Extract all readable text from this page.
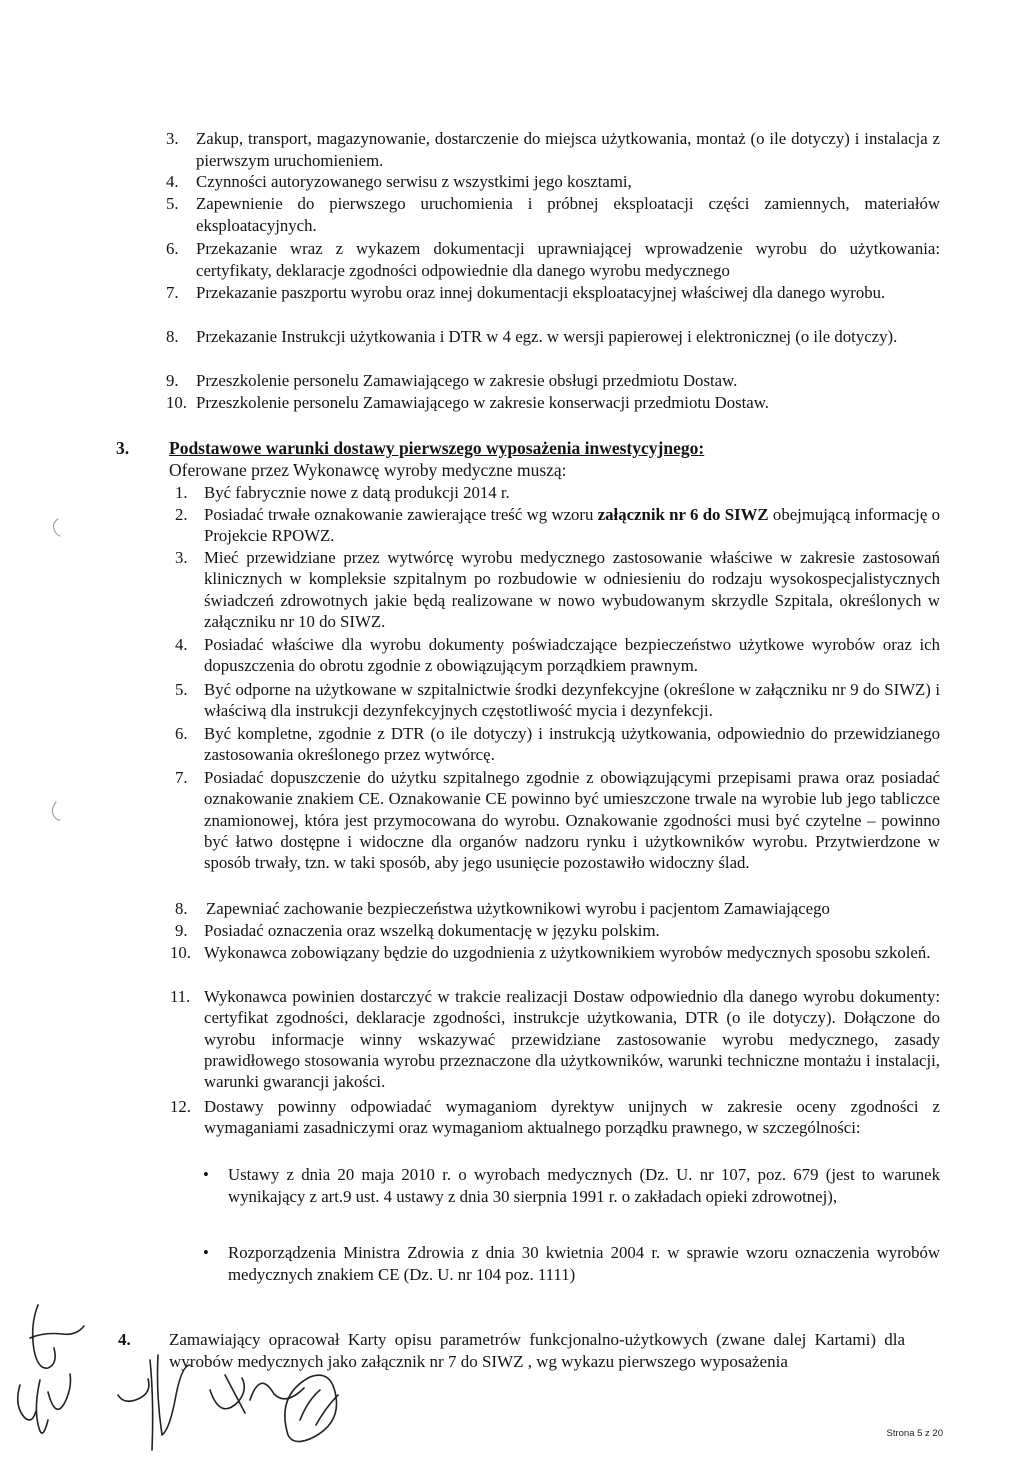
3. Zakup, transport, magazynowanie, dostarczenie do miejsca użytkowania, montaż (o ile dotyczy) i instalacja z pierwszym uruchomieniem.
4. Czynności autoryzowanego serwisu z wszystkimi jego kosztami,
5. Zapewnienie do pierwszego uruchomienia i próbnej eksploatacji części zamiennych, materiałów eksploatacyjnych.
6. Przekazanie wraz z wykazem dokumentacji uprawniającej wprowadzenie wyrobu do użytkowania: certyfikaty, deklaracje zgodności odpowiednie dla danego wyrobu medycznego
7. Przekazanie paszportu wyrobu oraz innej dokumentacji eksploatacyjnej właściwej dla danego wyrobu.
8. Przekazanie Instrukcji użytkowania i DTR w 4 egz. w wersji papierowej i elektronicznej (o ile dotyczy).
9. Przeszkolenie personelu Zamawiającego w zakresie obsługi przedmiotu Dostaw.
10. Przeszkolenie personelu Zamawiającego w zakresie konserwacji przedmiotu Dostaw.
3. Podstawowe warunki dostawy pierwszego wyposażenia inwestycyjnego:
Oferowane przez Wykonawcę wyroby medyczne muszą:
1. Być fabrycznie nowe z datą produkcji 2014 r.
2. Posiadać trwałe oznakowanie zawierające treść wg wzoru załącznik nr 6 do SIWZ obejmującą informację o Projekcie RPOWZ.
3. Mieć przewidziane przez wytwórcę wyrobu medycznego zastosowanie właściwe w zakresie zastosowań klinicznych w kompleksie szpitalnym po rozbudowie w odniesieniu do rodzaju wysokospecjalistycznych świadczeń zdrowotnych jakie będą realizowane w nowo wybudowanym skrzydle Szpitala, określonych w załączniku nr 10 do SIWZ.
4. Posiadać właściwe dla wyrobu dokumenty poświadczające bezpieczeństwo użytkowe wyrobów oraz ich dopuszczenia do obrotu zgodnie z obowiązującym porządkiem prawnym.
5. Być odporne na użytkowane w szpitalnictwie środki dezynfekcyjne (określone w załączniku nr 9 do SIWZ) i właściwą dla instrukcji dezynfekcyjnych częstotliwość mycia i dezynfekcji.
6. Być kompletne, zgodnie z DTR (o ile dotyczy) i instrukcją użytkowania, odpowiednio do przewidzianego zastosowania określonego przez wytwórcę.
7. Posiadać dopuszczenie do użytku szpitalnego zgodnie z obowiązującymi przepisami prawa oraz posiadać oznakowanie znakiem CE. Oznakowanie CE powinno być umieszczone trwale na wyrobie lub jego tabliczce znamionowej, która jest przymocowana do wyrobu. Oznakowanie zgodności musi być czytelne – powinno być łatwo dostępne i widoczne dla organów nadzoru rynku i użytkowników wyrobu. Przytwierdzone w sposób trwały, tzn. w taki sposób, aby jego usunięcie pozostawiło widoczny ślad.
8. Zapewniać zachowanie bezpieczeństwa użytkownikowi wyrobu i pacjentom Zamawiającego
9. Posiadać oznaczenia oraz wszelką dokumentację w języku polskim.
10. Wykonawca zobowiązany będzie do uzgodnienia z użytkownikiem wyrobów medycznych sposobu szkoleń.
11. Wykonawca powinien dostarczyć w trakcie realizacji Dostaw odpowiednio dla danego wyrobu dokumenty: certyfikat zgodności, deklaracje zgodności, instrukcje użytkowania, DTR (o ile dotyczy). Dołączone do wyrobu informacje winny wskazywać przewidziane zastosowanie wyrobu medycznego, zasady prawidłowego stosowania wyrobu przeznaczone dla użytkowników, warunki techniczne montażu i instalacji, warunki gwarancji jakości.
12. Dostawy powinny odpowiadać wymaganiom dyrektyw unijnych w zakresie oceny zgodności z wymaganiami zasadniczymi oraz wymaganiom aktualnego porządku prawnego, w szczególności:
• Ustawy z dnia 20 maja 2010 r. o wyrobach medycznych (Dz. U. nr 107, poz. 679 (jest to warunek wynikający z art.9 ust. 4 ustawy z dnia 30 sierpnia 1991 r. o zakładach opieki zdrowotnej),
• Rozporządzenia Ministra Zdrowia z dnia 30 kwietnia 2004 r. w sprawie wzoru oznaczenia wyrobów medycznych znakiem CE (Dz. U. nr 104 poz. 1111)
4. Zamawiający opracował Karty opisu parametrów funkcjonalno-użytkowych (zwane dalej Kartami) dla wyrobów medycznych jako załącznik nr 7 do SIWZ , wg wykazu pierwszego wyposażenia
Strona 5 z 20
